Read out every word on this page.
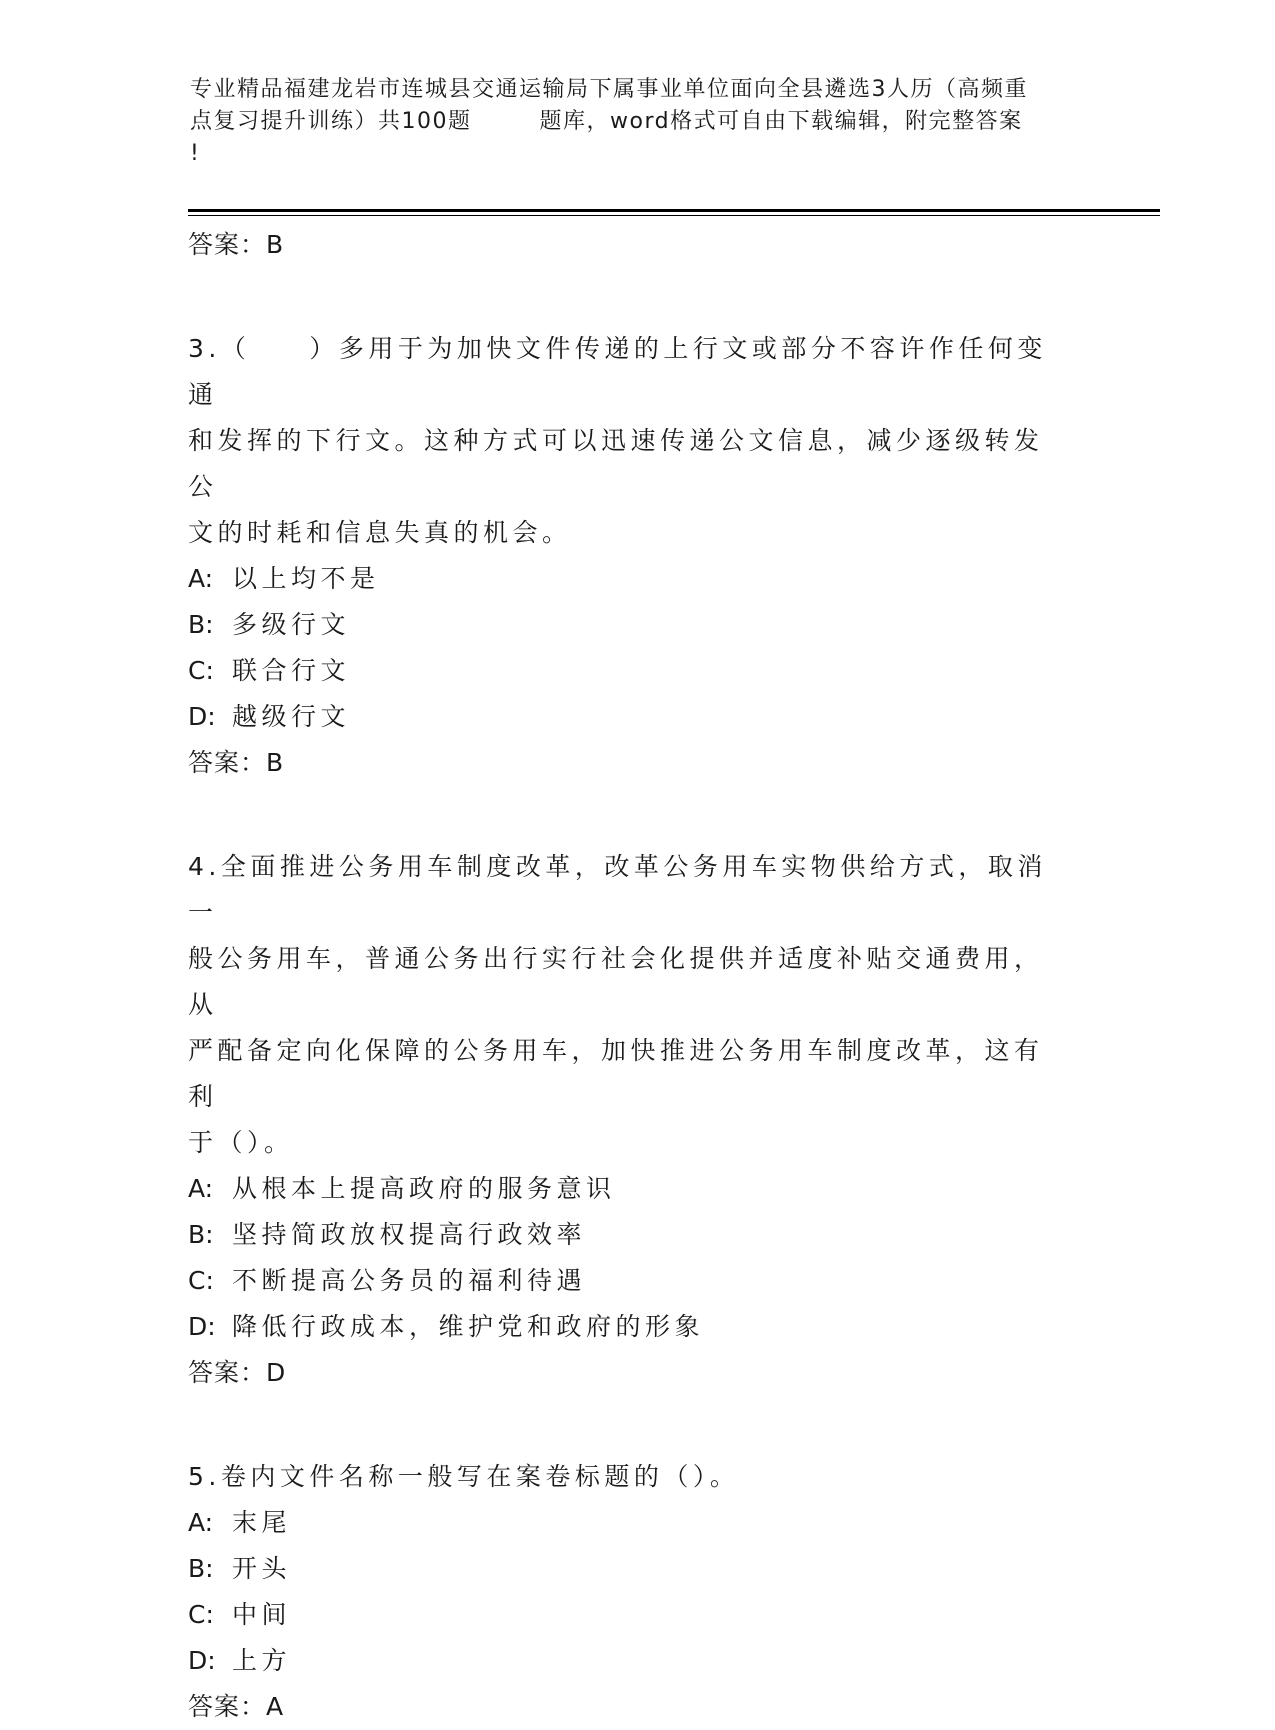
专业精品福建龙岩市连城县交通运输局下属事业单位面向全县遴选3人历（高频重
点复习提升训练）共100题	题库，word格式可自由下载编辑，附完整答案
!
答案：B
3.（　　）多用于为加快文件传递的上行文或部分不容许作任何变通
和发挥的下行文。这种方式可以迅速传递公文信息，减少逐级转发公
文的时耗和信息失真的机会。
A: 以上均不是
B: 多级行文
C: 联合行文
D: 越级行文
答案：B
4.全面推进公务用车制度改革，改革公务用车实物供给方式，取消一
般公务用车，普通公务出行实行社会化提供并适度补贴交通费用，从
严配备定向化保障的公务用车，加快推进公务用车制度改革，这有利
于（）。
A: 从根本上提高政府的服务意识
B: 坚持简政放权提高行政效率
C: 不断提高公务员的福利待遇
D: 降低行政成本，维护党和政府的形象
答案：D
5.卷内文件名称一般写在案卷标题的（）。
A: 末尾
B: 开头
C: 中间
D: 上方
答案：A
